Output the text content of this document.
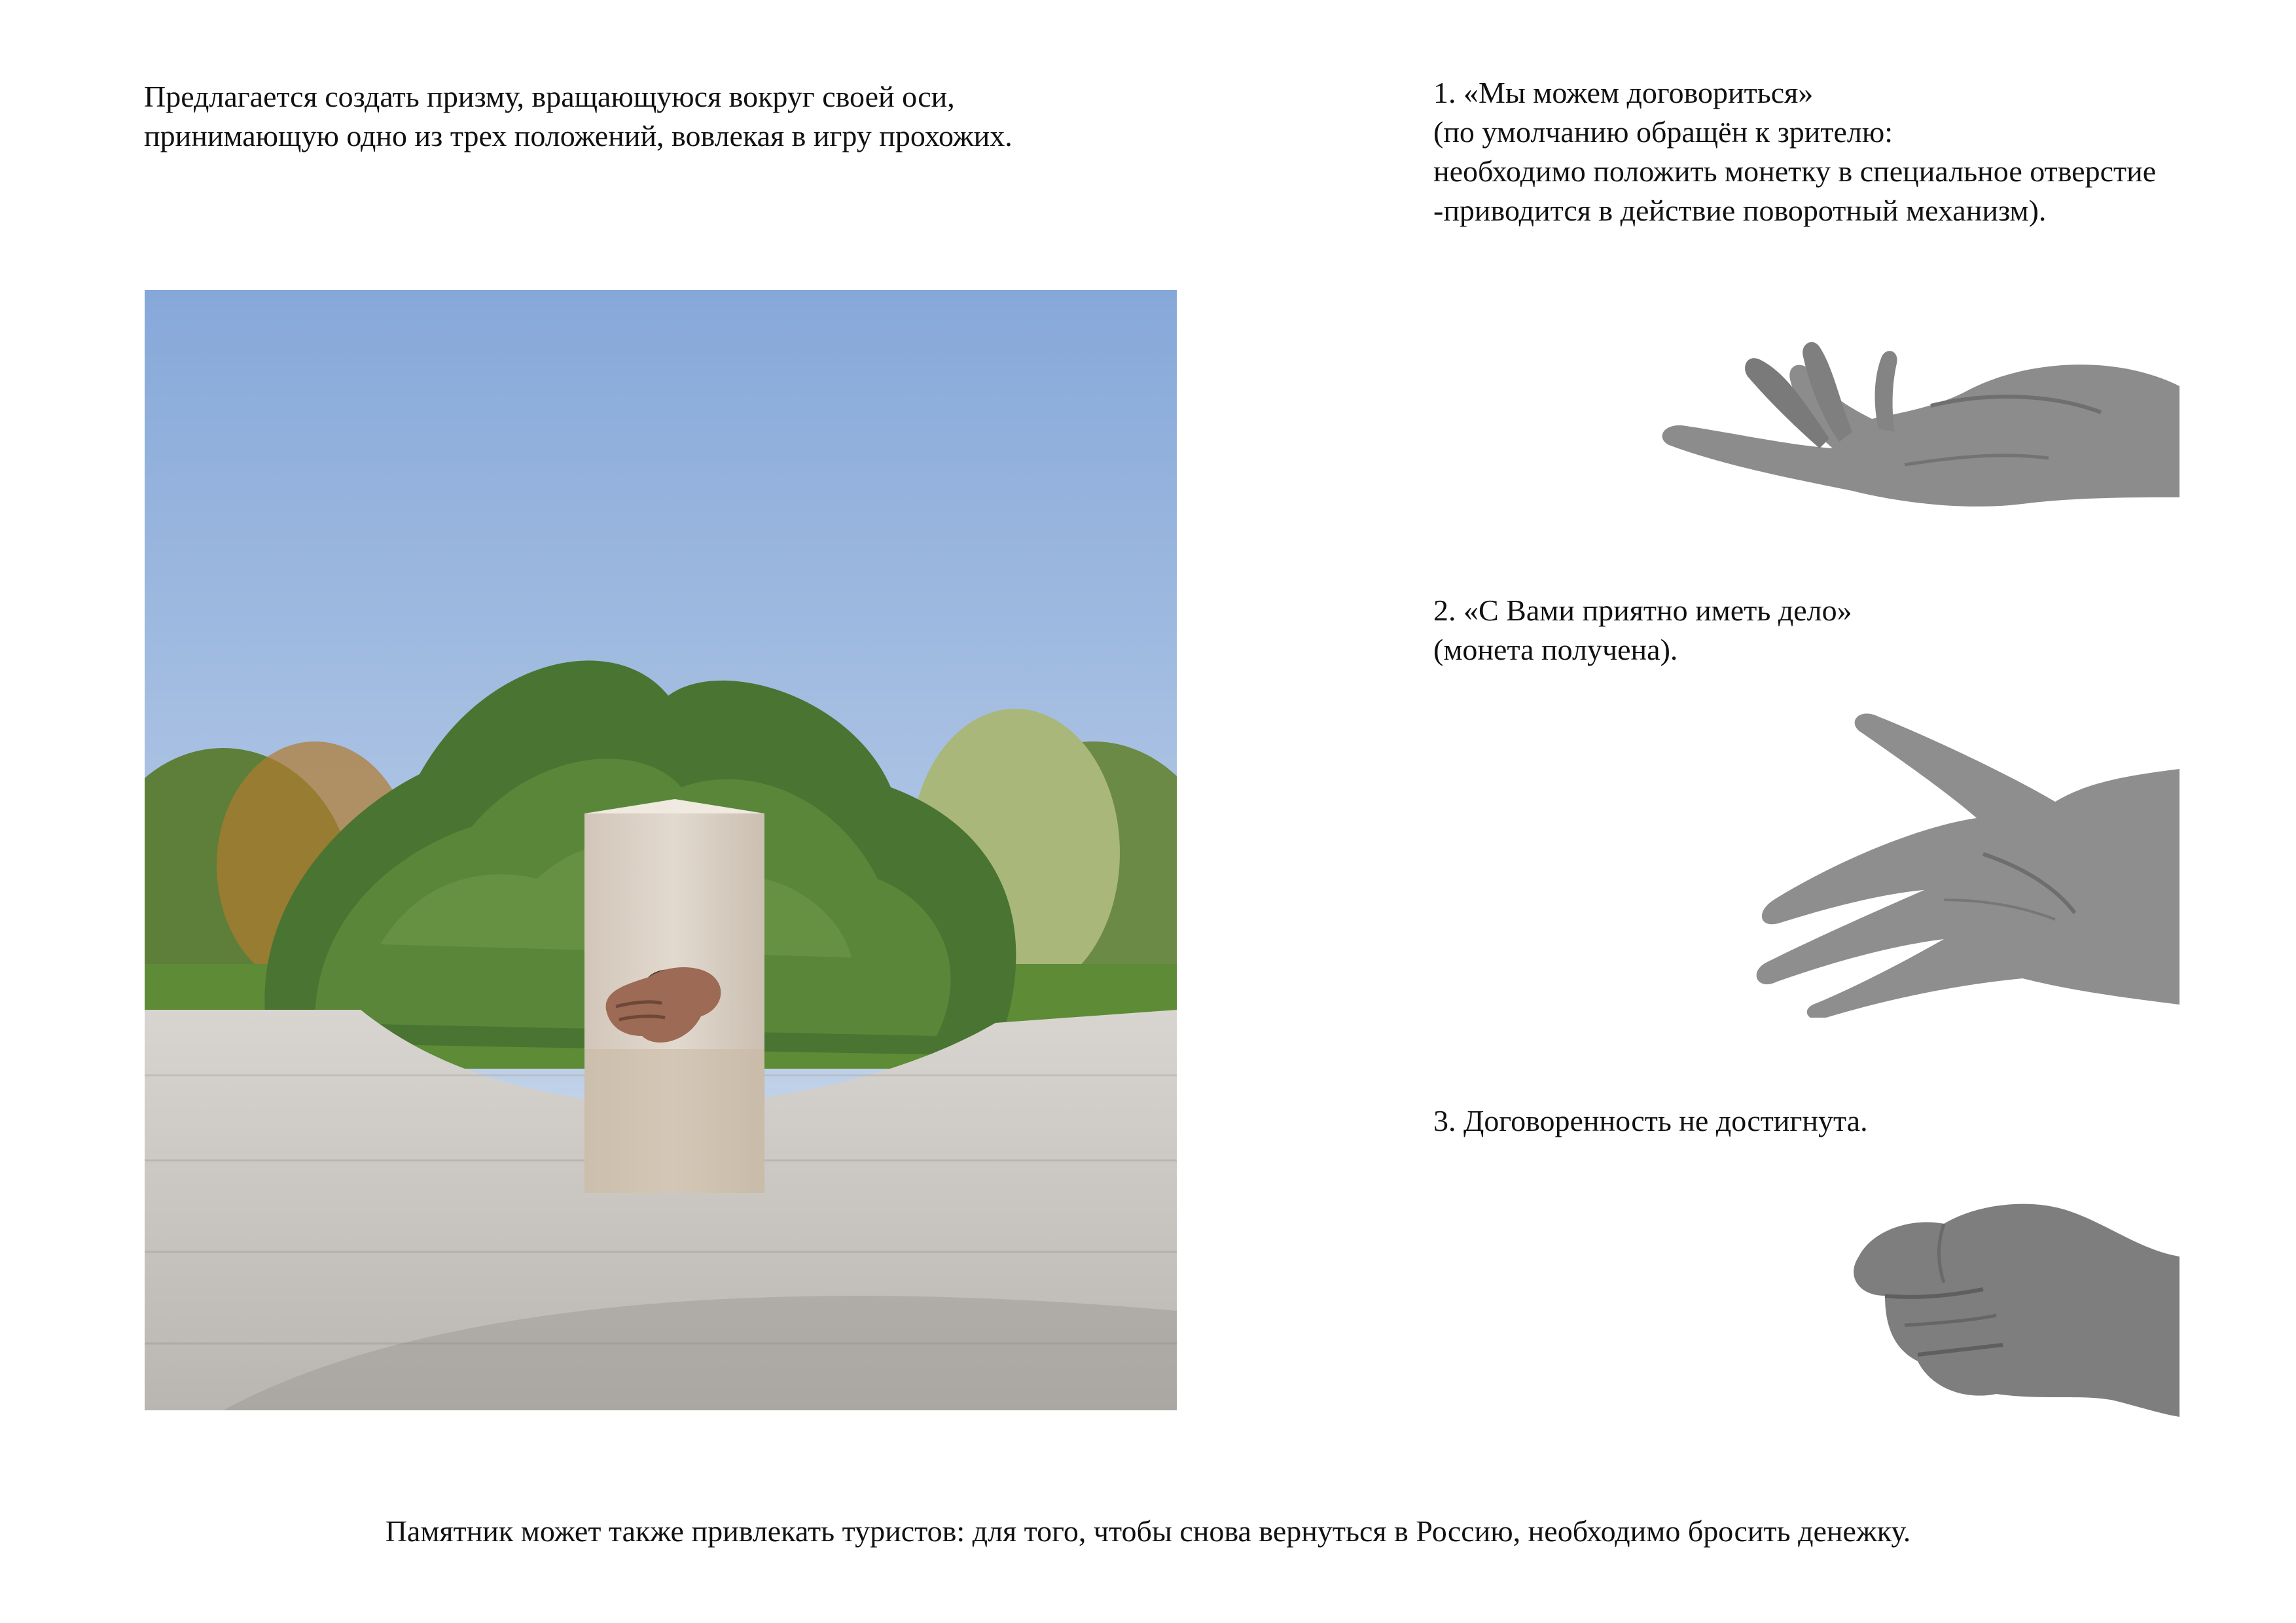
Предлагается создать призму, вращающуюся вокруг своей оси,
принимающую одно из трех положений, вовлекая в игру прохожих.

1. «Мы можем договориться»
(по умолчанию обращён к зрителю:
необходимо положить монетку в специальное отверстие
-приводится в действие поворотный механизм).

2. «С Вами приятно иметь дело»
(монета получена).

3. Договоренность не достигнута.

Памятник может также привлекать туристов: для того, чтобы снова вернуться в Россию, необходимо бросить денежку.
